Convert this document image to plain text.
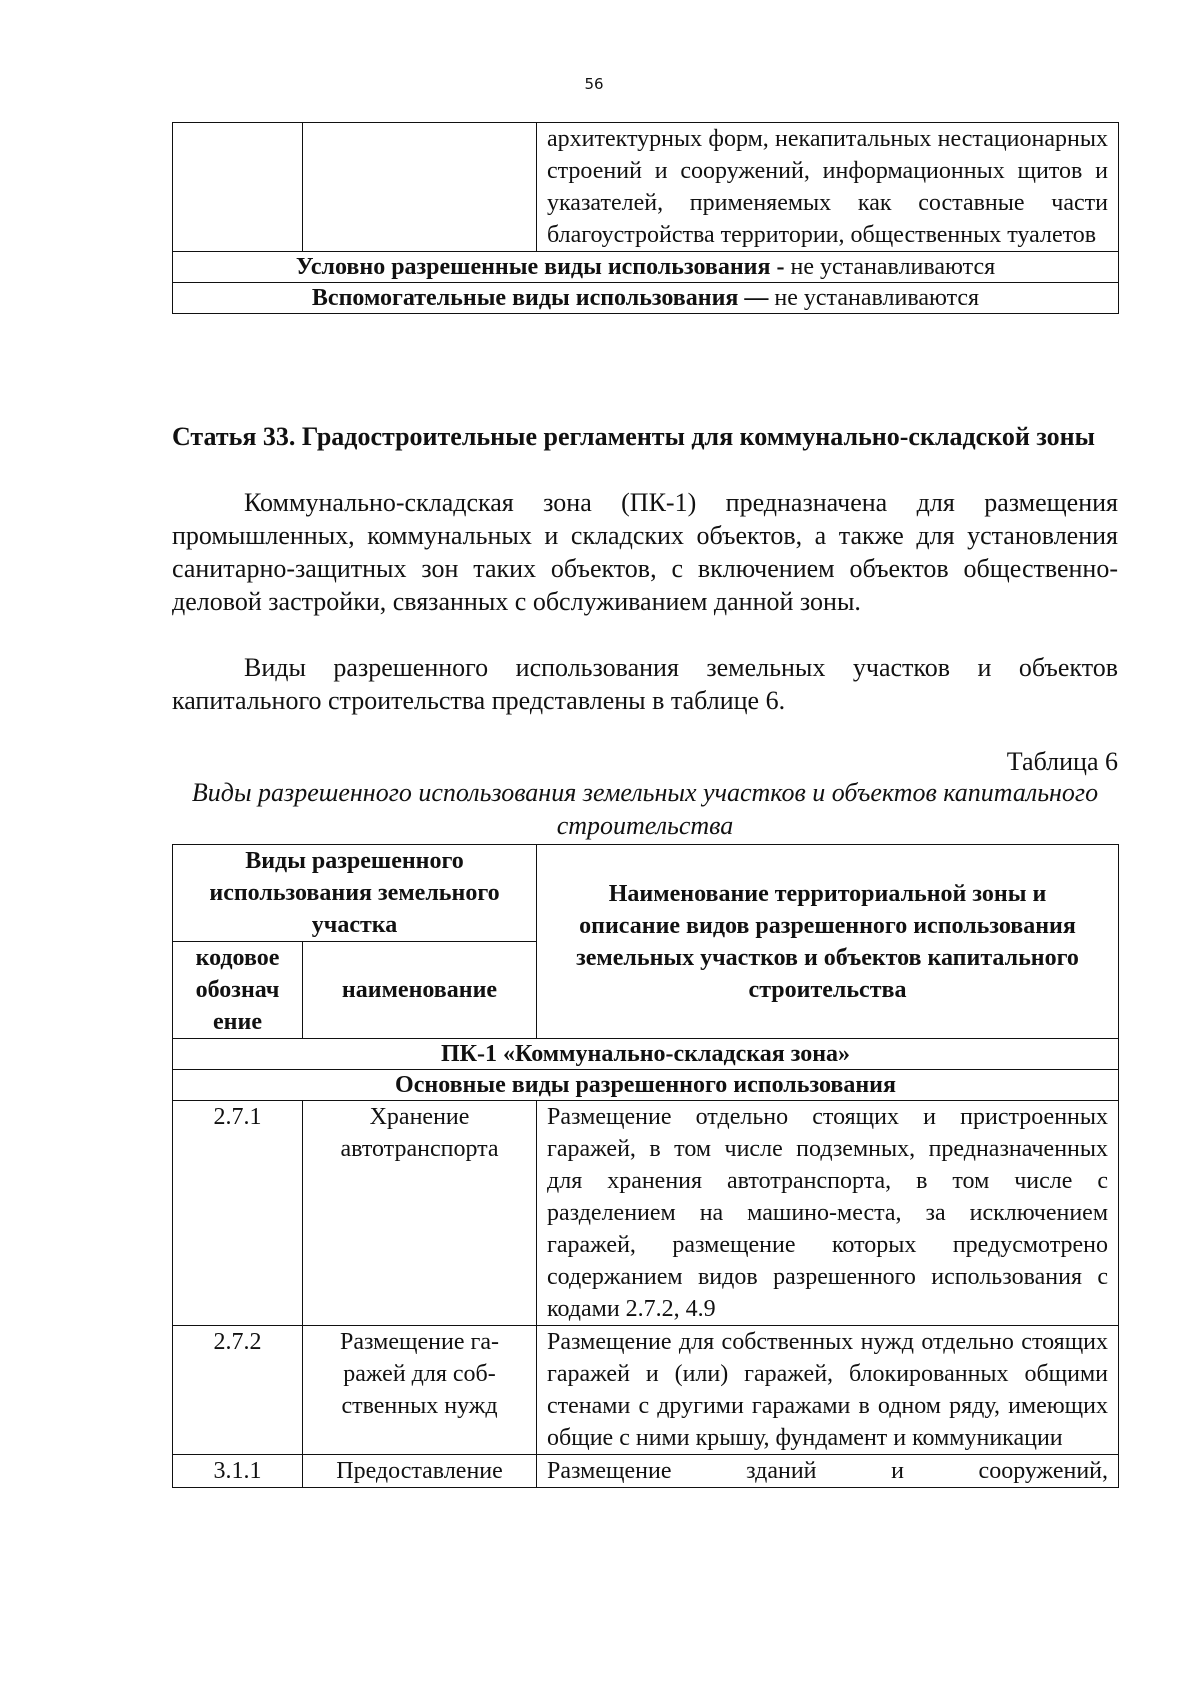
56
		архитектурных форм, некапитальных нестационарных строений и сооружений, информационных щитов и указателей, применяемых как составные части благоустройства территории, общественных туалетов
Условно разрешенные виды использования - не устанавливаются
Вспомогательные виды использования — не устанавливаются
Статья 33. Градостроительные регламенты для коммунально-складской зоны

Коммунально-складская зона (ПК-1) предназначена для размещения промышленных, коммунальных и складских объектов, а также для установления санитарно-защитных зон таких объектов, с включением объектов общественно-деловой застройки, связанных с обслуживанием данной зоны.

Виды разрешенного использования земельных участков и объектов капитального строительства представлены в таблице 6.

Таблица 6
Виды разрешенного использования земельных участков и объектов капитального строительства
Виды разрешенного использования земельного участка		Наименование территориальной зоны и описание видов разрешенного использования земельных участков и объектов капитального строительства
кодовое обознач ение	наименование	
ПК-1 «Коммунально-складская зона»		
Основные виды разрешенного использования		
2.7.1	Хранение автотранспорта	Размещение отдельно стоящих и пристроенных гаражей, в том числе подземных, предназначенных для хранения автотранспорта, в том числе с разделением на машино-места, за исключением гаражей, размещение которых предусмотрено содержанием видов разрешенного использования с кодами 2.7.2, 4.9
2.7.2	Размещение га-ражей для соб-ственных нужд	Размещение для собственных нужд отдельно стоящих гаражей и (или) гаражей, блокированных общими стенами с другими гаражами в одном ряду, имеющих общие с ними крышу, фундамент и коммуникации
3.1.1	Предоставление	Размещение зданий и сооружений,
